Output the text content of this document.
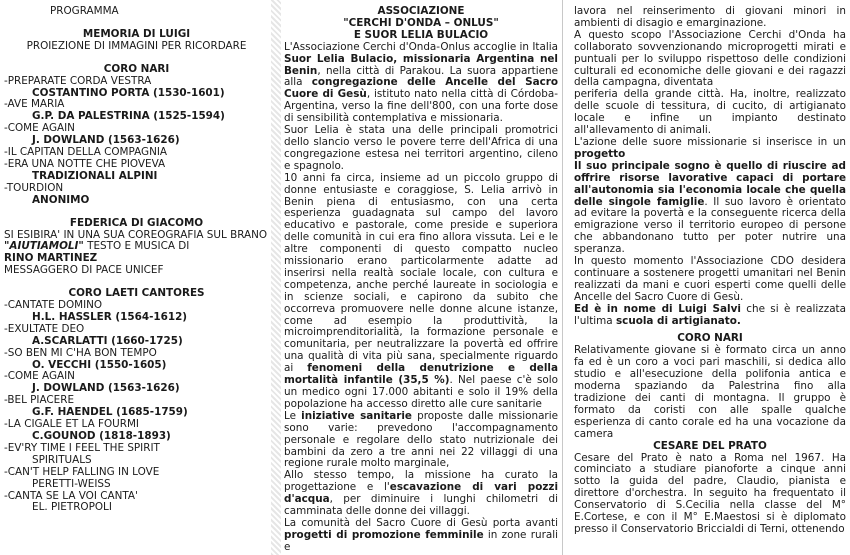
PROGRAMMA
MEMORIA DI LUIGI
PROIEZIONE DI IMMAGINI PER RICORDARE
CORO NARI
-PREPARATE CORDA VESTRA
COSTANTINO PORTA (1530-1601)
-AVE MARIA
G.P. DA PALESTRINA (1525-1594)
-COME AGAIN
J. DOWLAND (1563-1626)
-IL CAPITAN DELLA COMPAGNIA
-ERA UNA NOTTE CHE PIOVEVA
TRADIZIONALI ALPINI
-TOURDION
ANONIMO
FEDERICA DI GIACOMO
SI ESIBIRA' IN UNA SUA COREOGRAFIA SUL BRANO
"AIUTIAMOLI" TESTO E MUSICA DI
RINO MARTINEZ
MESSAGGERO DI PACE UNICEF
CORO LAETI CANTORES
-CANTATE DOMINO
H.L. HASSLER (1564-1612)
-EXULTATE DEO
A.SCARLATTI (1660-1725)
-SO BEN MI C'HA BON TEMPO
O. VECCHI (1550-1605)
-COME AGAIN
J. DOWLAND (1563-1626)
-BEL PIACERE
G.F. HAENDEL (1685-1759)
-LA CIGALE ET LA FOURMI
C.GOUNOD (1818-1893)
-EV'RY TIME I FEEL THE SPIRIT
SPIRITUALS
-CAN'T HELP FALLING IN LOVE
PERETTI-WEISS
-CANTA SE LA VOI CANTA'
EL. PIETROPOLI
ASSOCIAZIONE
"CERCHI D'ONDA – ONLUS"
E SUOR LELIA BULACIO

L'Associazione Cerchi d'Onda-Onlus accoglie in Italia Suor Lelia Bulacio, missionaria Argentina nel Benin, nella città di Parakou. La suora appartiene alla congregazione delle Ancelle del Sacro Cuore di Gesù, istituto nato nella città di Córdoba-Argentina, verso la fine dell'800, con una forte dose di sensibilità contemplativa e missionaria.

Suor Lelia è stata una delle principali promotrici dello slancio verso le povere terre dell'Africa di una congregazione estesa nei territori argentino, cileno e spagnolo.

10 anni fa circa, insieme ad un piccolo gruppo di donne entusiaste e coraggiose, S. Lelia arrivò in Benin piena di entusiasmo, con una certa esperienza guadagnata sul campo del lavoro educativo e pastorale, come preside e superiora delle comunità in cui era fino allora vissuta. Lei e le altre componenti di questo compatto nucleo missionario erano particolarmente adatte ad inserirsi nella realtà sociale locale, con cultura e competenza, anche perché laureate in sociologia e in scienze sociali, e capirono da subito che occorreva promuovere nelle donne alcune istanze, come ad esempio la produttività, la microimprenditorialità, la formazione personale e comunitaria, per neutralizzare la povertà ed offrire una qualità di vita più sana, specialmente riguardo ai fenomeni della denutrizione e della mortalità infantile (35,5 %). Nel paese c'è solo un medico ogni 17.000 abitanti e solo il 19% della popolazione ha accesso diretto alle cure sanitarie

Le iniziative sanitarie proposte dalle missionarie sono varie: prevedono l'accompagnamento personale e regolare dello stato nutrizionale dei bambini da zero a tre anni nei 22 villaggi di una regione rurale molto marginale,

Allo stesso tempo, la missione ha curato la progettazione e l'escavazione di vari pozzi d'acqua, per diminuire i lunghi chilometri di camminata delle donne dei villaggi.

La comunità del Sacro Cuore di Gesù porta avanti progetti di promozione femminile in zone rurali e

lavora nel reinserimento di giovani minori in ambienti di disagio e emarginazione.

A questo scopo l'Associazione Cerchi d'Onda ha collaborato sovvenzionando microprogetti mirati e puntuali per lo sviluppo rispettoso delle condizioni culturali ed economiche delle giovani e dei ragazzi della campagna, diventata

periferia della grande città. Ha, inoltre, realizzato delle scuole di tessitura, di cucito, di artigianato locale e infine un impianto destinato all'allevamento di animali.

L'azione delle suore missionarie si inserisce in un progetto

Il suo principale sogno è quello di riuscire ad offrire risorse lavorative capaci di portare all'autonomia sia l'economia locale che quella delle singole famiglie. Il suo lavoro è orientato ad evitare la povertà e la conseguente ricerca della emigrazione verso il territorio europeo di persone che abbandonano tutto per poter nutrire una speranza.

In questo momento l'Associazione CDO desidera continuare a sostenere progetti umanitari nel Benin realizzati da mani e cuori esperti come quelli delle Ancelle del Sacro Cuore di Gesù.

Ed è in nome di Luigi Salvi che si è realizzata l'ultima scuola di artigianato.

CORO NARI

Relativamente giovane si è formato circa un anno fa ed è un coro a voci pari maschili, si dedica allo studio e all'esecuzione della polifonia antica e moderna spaziando da Palestrina fino alla tradizione dei canti di montagna. Il gruppo è formato da coristi con alle spalle qualche esperienza di canto corale ed ha una vocazione da camera

CESARE DEL PRATO

Cesare del Prato è nato a Roma nel 1967. Ha cominciato a studiare pianoforte a cinque anni sotto la guida del padre, Claudio, pianista e direttore d'orchestra. In seguito ha frequentato il Conservatorio di S.Cecilia nella classe del M° E.Cortese, e con il M° E.Maestosi si è diplomato presso il Conservatorio Briccialdi di Terni, ottenendo
